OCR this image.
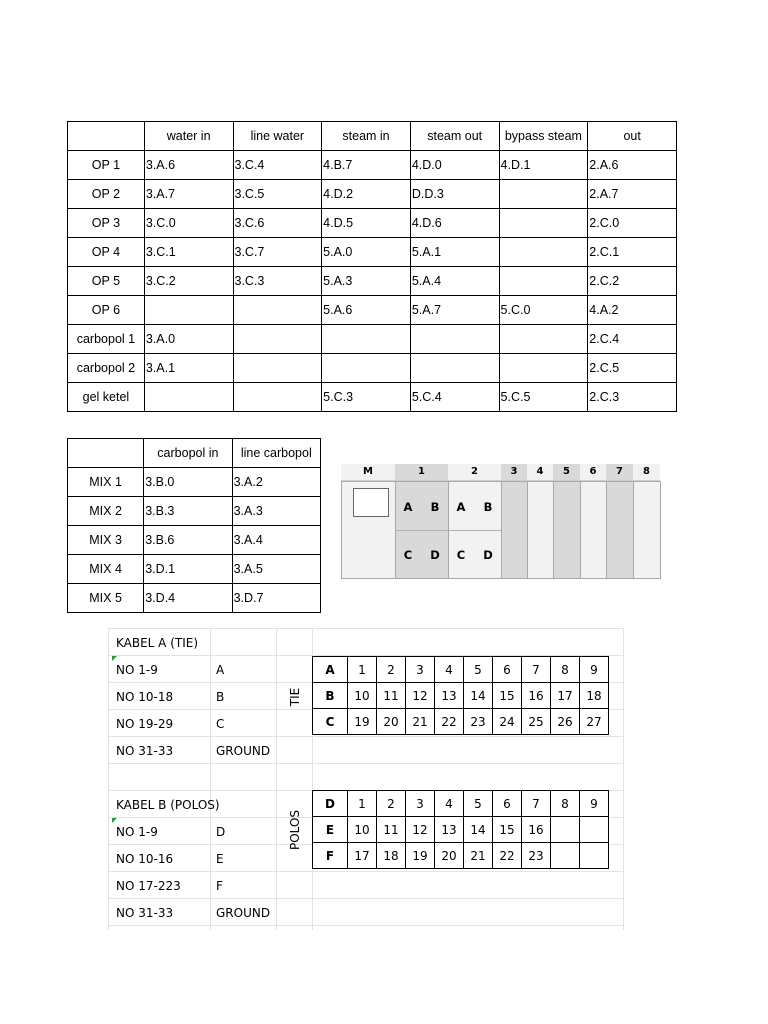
	water in	line water	steam in	steam out	bypass steam	out
OP 1	3.A.6	3.C.4	4.B.7	4.D.0	4.D.1	2.A.6
OP 2	3.A.7	3.C.5	4.D.2	D.D.3		2.A.7
OP 3	3.C.0	3.C.6	4.D.5	4.D.6		2.C.0
OP 4	3.C.1	3.C.7	5.A.0	5.A.1		2.C.1
OP 5	3.C.2	3.C.3	5.A.3	5.A.4		2.C.2
OP 6			5.A.6	5.A.7	5.C.0	4.A.2
carbopol 1	3.A.0					2.C.4
carbopol 2	3.A.1					2.C.5
gel ketel			5.C.3	5.C.4	5.C.5	2.C.3
	carbopol in	line carbopol
MIX 1	3.B.0	3.A.2
MIX 2	3.B.3	3.A.3
MIX 3	3.B.6	3.A.4
MIX 4	3.D.1	3.A.5
MIX 5	3.D.4	3.D.7
M	1	2	3	4	5	6	7	8
A	B	A	B
C	D	C	D
KABEL A (TIE)
NO 1-9	A
NO 10-18	B
NO 19-29	C
NO 31-33	GROUND
TIE
KABEL B (POLOS)
NO 1-9	D
NO 10-16	E
NO 17-223	F
NO 31-33	GROUND
POLOS
A	1	2	3	4	5	6	7	8	9
B	10	11	12	13	14	15	16	17	18
C	19	20	21	22	23	24	25	26	27
D	1	2	3	4	5	6	7	8	9
E	10	11	12	13	14	15	16		
F	17	18	19	20	21	22	23		
